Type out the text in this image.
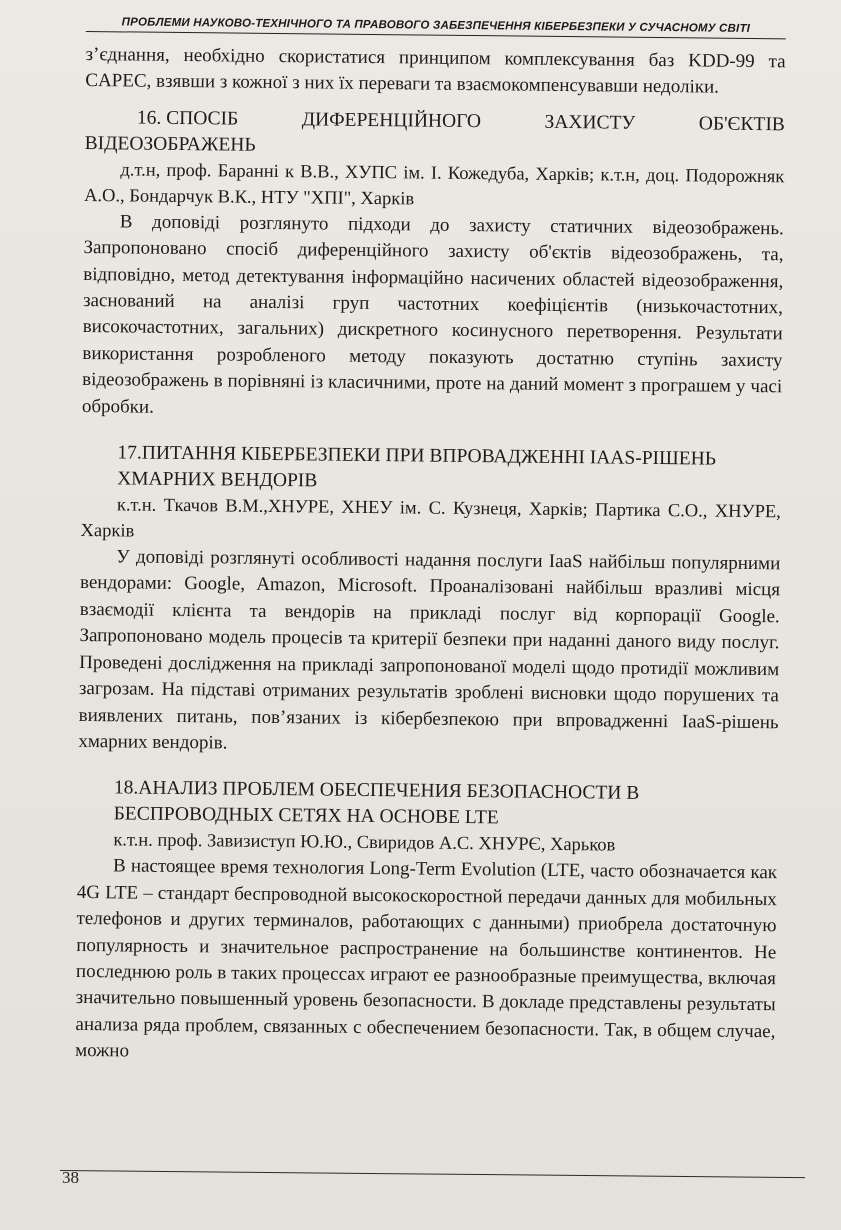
ПРОБЛЕМИ НАУКОВО-ТЕХНІЧНОГО ТА ПРАВОВОГО ЗАБЕЗПЕЧЕННЯ КІБЕРБЕЗПЕКИ У СУЧАСНОМУ СВІТІ

з’єднання, необхідно скористатися принципом комплексування баз KDD-99 та CAPEC, взявши з кожної з них їх переваги та взаємокомпенсувавши недоліки.

16. СПОСІБ	ДИФЕРЕНЦІЙНОГО	ЗАХИСТУ	ОБ'ЄКТІВ
ВІДЕОЗОБРАЖЕНЬ

д.т.н, проф. Баранні к В.В., ХУПС ім. І. Кожедуба, Харків; к.т.н, доц. Подорожняк А.О., Бондарчук В.К., НТУ "ХПІ", Харків

В доповіді розглянуто підходи до захисту статичних відеозображень. Запропоновано спосіб диференційного захисту об'єктів відеозображень, та, відповідно, метод детектування інформаційно насичених областей відеозображення, заснований на аналізі груп частотних коефіцієнтів (низькочастотних, високочастотних, загальних) дискретного косинусного перетворення. Результати використання розробленого методу показують достатню ступінь захисту відеозображень в порівняні із класичними, проте на даний момент з програшем у часі обробки.

17.ПИТАННЯ КІБЕРБЕЗПЕКИ ПРИ ВПРОВАДЖЕННІ IAAS-РІШЕНЬ ХМАРНИХ ВЕНДОРІВ

к.т.н. Ткачов В.М.,ХНУРЕ, ХНЕУ ім. С. Кузнеця, Харків; Партика С.О., ХНУРЕ, Харків

У доповіді розглянуті особливості надання послуги IaaS найбільш популярними вендорами: Google, Amazon, Microsoft. Проаналізовані найбільш вразливі місця взаємодії клієнта та вендорів на прикладі послуг від корпорації Google. Запропоновано модель процесів та критерії безпеки при наданні даного виду послуг. Проведені дослідження на прикладі запропонованої моделі щодо протидії можливим загрозам. На підставі отриманих результатів зроблені висновки щодо порушених та виявлених питань, пов’язаних із кібербезпекою при впровадженні IaaS-рішень хмарних вендорів.

18.АНАЛИЗ ПРОБЛЕМ ОБЕСПЕЧЕНИЯ БЕЗОПАСНОСТИ В БЕСПРОВОДНЫХ СЕТЯХ НА ОСНОВЕ LTE

к.т.н. проф. Завизиступ Ю.Ю., Свиридов А.С. ХНУРЄ, Харьков

В настоящее время технология Long-Term Evolution (LTE, часто обозначается как 4G LTE – стандарт беспроводной высокоскоростной передачи данных для мобильных телефонов и других терминалов, работающих с данными) приобрела достаточную популярность и значительное распространение на большинстве континентов. Не последнюю роль в таких процессах играют ее разнообразные преимущества, включая значительно повышенный уровень безопасности. В докладе представлены результаты анализа ряда проблем, связанных с обеспечением безопасности. Так, в общем случае, можно

38
